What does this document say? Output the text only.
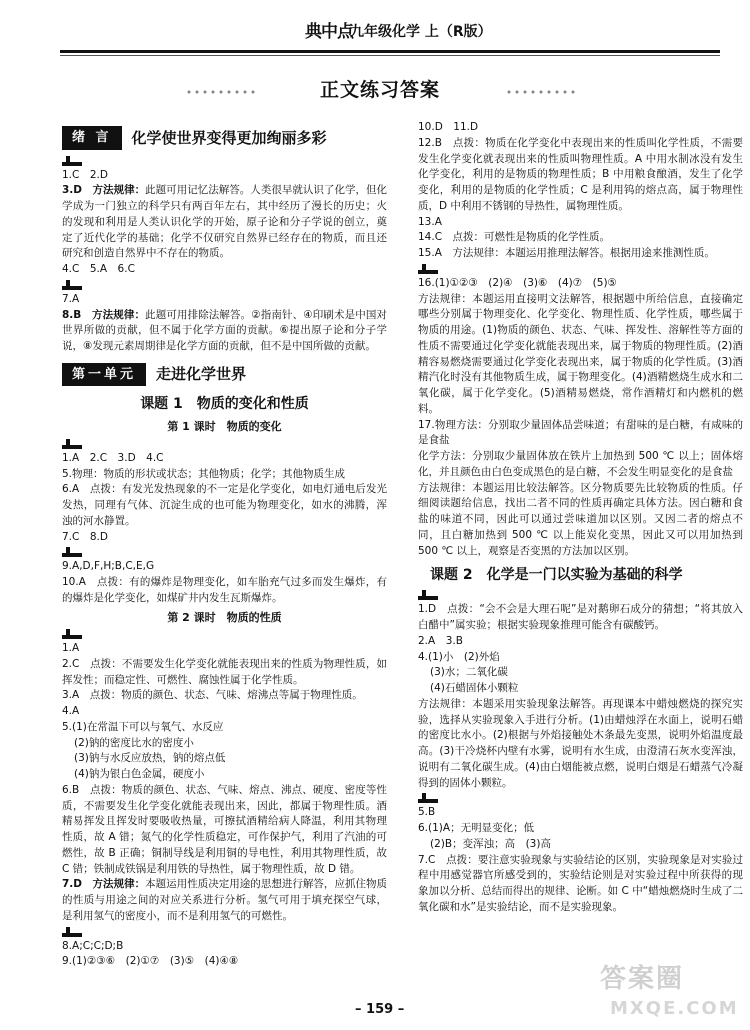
典中点
九年级化学 上（R版）
正文练习答案
绪 言	化学使世界变得更加绚丽多彩

1.C　2.D

3.D　方法规律：此题可用记忆法解答。人类很早就认识了化学，但化学成为一门独立的科学只有两百年左右，其中经历了漫长的历史；火的发现和利用是人类认识化学的开始，原子论和分子学说的创立，奠定了近代化学的基础；化学不仅研究自然界已经存在的物质，而且还研究和创造自然界中不存在的物质。

4.C　5.A　6.C

7.A

8.B　方法规律：此题可用排除法解答。②指南针、④印刷术是中国对世界所做的贡献，但不属于化学方面的贡献。⑥提出原子论和分子学说，⑧发现元素周期律是化学方面的贡献，但不是中国所做的贡献。

第一单元	走进化学世界
课题 1　物质的变化和性质
第 1 课时　物质的变化

1.A　2.C　3.D　4.C

5.物理：物质的形状或状态；其他物质；化学；其他物质生成

6.A　点拨：有发光发热现象的不一定是化学变化，如电灯通电后发光发热，同理有气体、沉淀生成的也可能为物理变化，如水的沸腾，浑浊的河水静置。

7.C　8.D

9.A,D,F,H;B,C,E,G

10.A　点拨：有的爆炸是物理变化，如车胎充气过多而发生爆炸，有的爆炸是化学变化，如煤矿井内发生瓦斯爆炸。

第 2 课时　物质的性质

1.A

2.C　点拨：不需要发生化学变化就能表现出来的性质为物理性质，如挥发性；而稳定性、可燃性、腐蚀性属于化学性质。

3.A　点拨：物质的颜色、状态、气味、熔沸点等属于物理性质。

4.A

5.(1)在常温下可以与氧气、水反应

(2)钠的密度比水的密度小

(3)钠与水反应放热，钠的熔点低

(4)钠为银白色金属，硬度小

6.B　点拨：物质的颜色、状态、气味、熔点、沸点、硬度、密度等性质，不需要发生化学变化就能表现出来，因此，都属于物理性质。酒精易挥发且挥发时要吸收热量，可擦拭酒精给病人降温，利用其物理性质，故 A 错；氮气的化学性质稳定，可作保护气，利用了汽油的可燃性，故 B 正确；铜制导线是利用铜的导电性，利用其物理性质，故 C 错；铁制成铁锅是利用铁的导热性，属于物理性质，故 D 错。

7.D　方法规律：本题运用性质决定用途的思想进行解答，应抓住物质的性质与用途之间的对应关系进行分析。氢气可用于填充探空气球，是利用氢气的密度小，而不是利用氢气的可燃性。

8.A;C;C;D;B

9.(1)②③⑥　(2)①⑦　(3)⑤　(4)④⑧

10.D　11.D

12.B　点拨：物质在化学变化中表现出来的性质叫化学性质，不需要发生化学变化就表现出来的性质叫物理性质。A 中用水制冰没有发生化学变化，利用的是物质的物理性质；B 中用粮食酿酒，发生了化学变化，利用的是物质的化学性质；C 是利用钨的熔点高，属于物理性质，D 中利用不锈钢的导热性，属物理性质。

13.A

14.C　点拨：可燃性是物质的化学性质。

15.A　方法规律：本题运用推理法解答。根据用途来推测性质。

16.(1)①②③　(2)④　(3)⑥　(4)⑦　(5)⑤

方法规律：本题运用直接明文法解答，根据题中所给信息，直接确定哪些分别属于物理变化、化学变化、物理性质、化学性质，哪些属于物质的用途。(1)物质的颜色、状态、气味、挥发性、溶解性等方面的性质不需要通过化学变化就能表现出来，属于物质的物理性质。(2)酒精容易燃烧需要通过化学变化表现出来，属于物质的化学性质。(3)酒精汽化时没有其他物质生成，属于物理变化。(4)酒精燃烧生成水和二氧化碳，属于化学变化。(5)酒精易燃烧，常作酒精灯和内燃机的燃料。

17.物理方法：分别取少量固体品尝味道；有甜味的是白糖，有咸味的是食盐

化学方法：分别取少量固体放在铁片上加热到 500 ℃ 以上；固体熔化，并且颜色由白色变成黑色的是白糖，不会发生明显变化的是食盐

方法规律：本题运用比较法解答。区分物质要先比较物质的性质。仔细阅读题给信息，找出二者不同的性质再确定具体方法。因白糖和食盐的味道不同，因此可以通过尝味道加以区别。又因二者的熔点不同，且白糖加热到 500 ℃ 以上能炭化变黑，因此又可以用加热到 500 ℃ 以上，观察是否变黑的方法加以区别。

课题 2　化学是一门以实验为基础的科学

1.D　点拨：“会不会是大理石呢”是对鹅卵石成分的猜想；“将其放入白醋中”属实验；根据实验现象推理可能含有碳酸钙。

2.A　3.B

4.(1)小　(2)外焰

(3)水；二氧化碳

(4)石蜡固体小颗粒

方法规律：本题采用实验现象法解答。再现课本中蜡烛燃烧的探究实验，选择从实验现象入手进行分析。(1)由蜡烛浮在水面上，说明石蜡的密度比水小。(2)根据与外焰接触处木条最先变黑，说明外焰温度最高。(3)干冷烧杯内壁有水雾，说明有水生成，由澄清石灰水变浑浊，说明有二氧化碳生成。(4)由白烟能被点燃，说明白烟是石蜡蒸气冷凝得到的固体小颗粒。

5.B

6.(1)A；无明显变化；低

(2)B；变浑浊；高　(3)高

7.C　点拨：要注意实验现象与实验结论的区别，实验现象是对实验过程中用感觉器官所感受到的，实验结论则是对实验过程中所获得的现象加以分析、总结而得出的规律、论断。如 C 中“蜡烛燃烧时生成了二氧化碳和水”是实验结论，而不是实验现象。

– 159 –
答案圈
MXQE.COM
